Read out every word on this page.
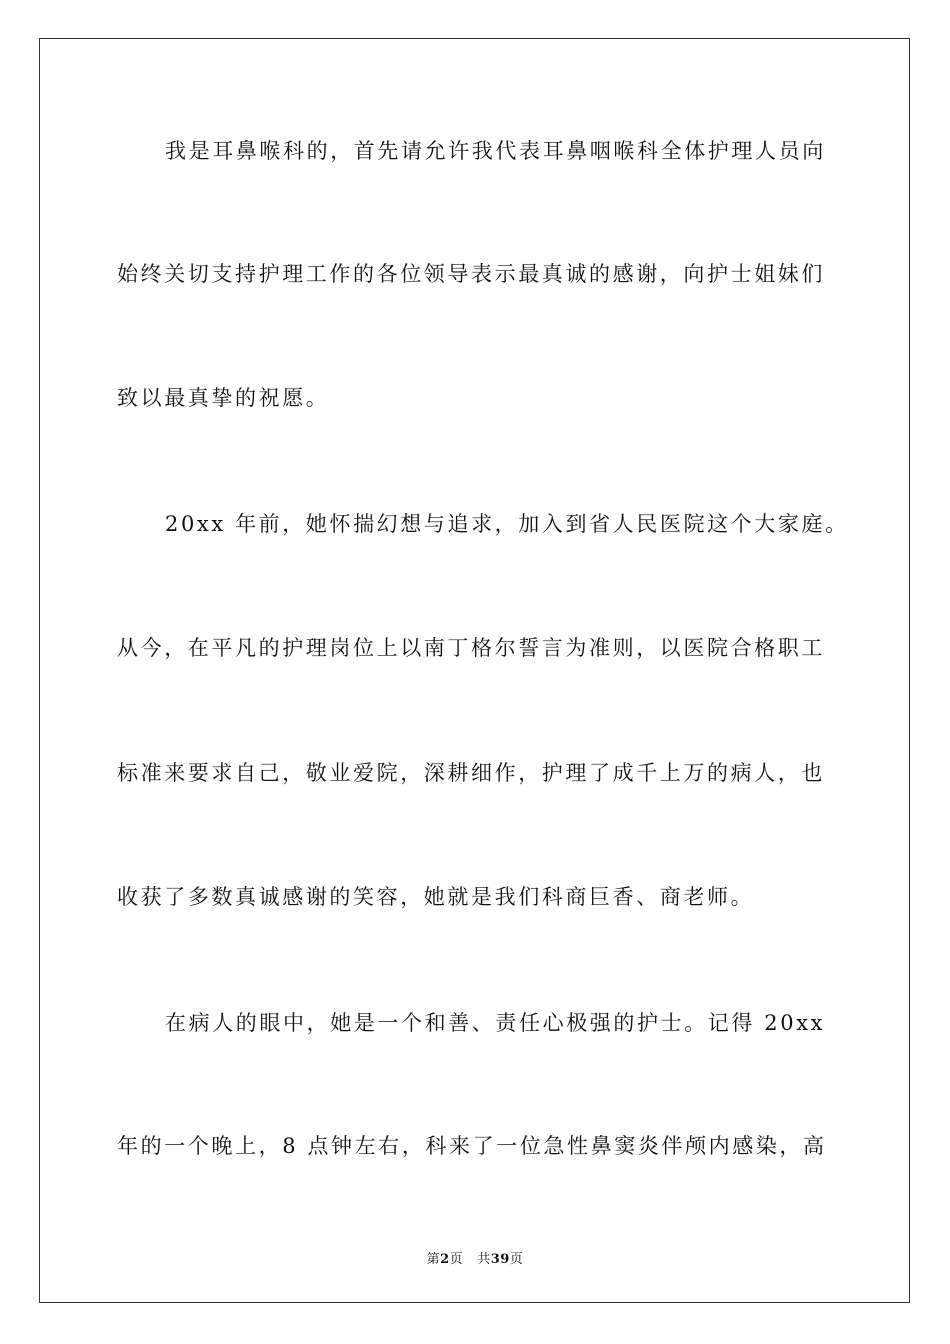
我是耳鼻喉科的，首先请允许我代表耳鼻咽喉科全体护理人员向
始终关切支持护理工作的各位领导表示最真诚的感谢，向护士姐妹们
致以最真挚的祝愿。
20xx 年前，她怀揣幻想与追求，加入到省人民医院这个大家庭。
从今，在平凡的护理岗位上以南丁格尔誓言为准则，以医院合格职工
标准来要求自己，敬业爱院，深耕细作，护理了成千上万的病人，也
收获了多数真诚感谢的笑容，她就是我们科商巨香、商老师。
在病人的眼中，她是一个和善、责任心极强的护士。记得 20xx
年的一个晚上，8 点钟左右，科来了一位急性鼻窦炎伴颅内感染，高
第2页 共39页
